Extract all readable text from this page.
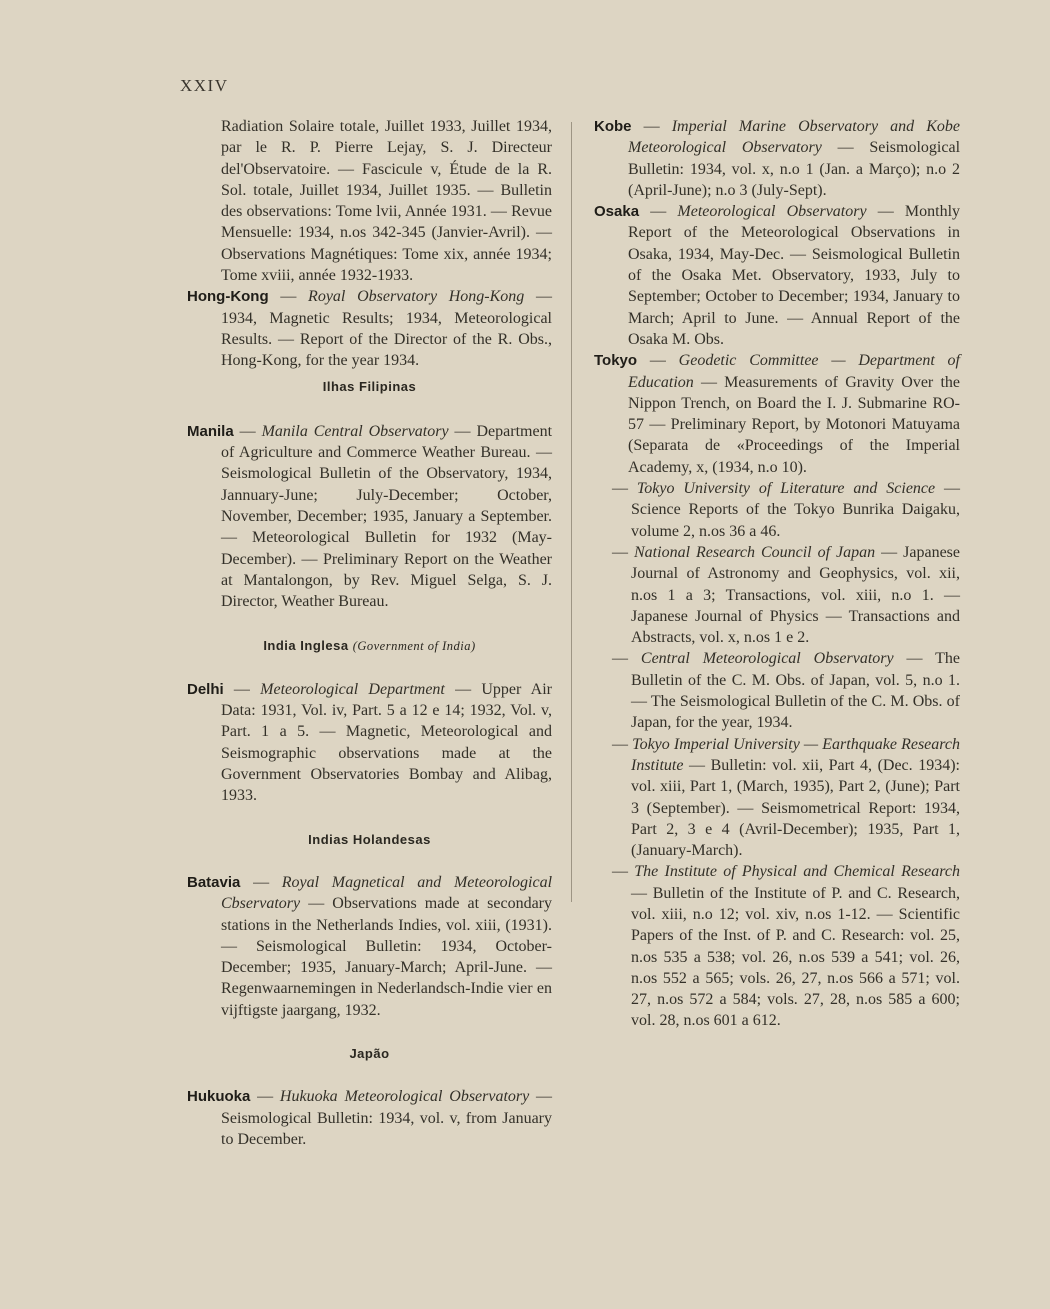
XXIV

Radiation Solaire totale, Juillet 1933, Juillet 1934, par le R. P. Pierre Lejay, S. J. Directeur del'Observatoire. — Fascicule v, Étude de la R. Sol. totale, Juillet 1934, Juillet 1935. — Bulletin des observations: Tome lvii, Année 1931. — Revue Mensuelle: 1934, n.os 342-345 (Janvier-Avril). — Observations Magnétiques: Tome xix, année 1934; Tome xviii, année 1932-1933.

Hong-Kong — Royal Observatory Hong-Kong — 1934, Magnetic Results; 1934, Meteorological Results. — Report of the Director of the R. Obs., Hong-Kong, for the year 1934.

Ilhas Filipinas

Manila — Manila Central Observatory — Department of Agriculture and Commerce Weather Bureau. — Seismological Bulletin of the Observatory, 1934, Jannuary-June; July-December; October, November, December; 1935, January a September. — Meteorological Bulletin for 1932 (May-December). — Preliminary Report on the Weather at Mantalongon, by Rev. Miguel Selga, S. J. Director, Weather Bureau.

India Inglesa (Government of India)

Delhi — Meteorological Department — Upper Air Data: 1931, Vol. iv, Part. 5 a 12 e 14; 1932, Vol. v, Part. 1 a 5. — Magnetic, Meteorological and Seismographic observations made at the Government Observatories Bombay and Alibag, 1933.

Indias Holandesas

Batavia — Royal Magnetical and Meteorological Cbservatory — Observations made at secondary stations in the Netherlands Indies, vol. xiii, (1931). — Seismological Bulletin: 1934, October-December; 1935, January-March; April-June. — Regenwaarnemingen in Nederlandsch-Indie vier en vijftigste jaargang, 1932.

Japão

Hukuoka — Hukuoka Meteorological Observatory — Seismological Bulletin: 1934, vol. v, from January to December.

Kobe — Imperial Marine Observatory and Kobe Meteorological Observatory — Seismological Bulletin: 1934, vol. x, n.o 1 (Jan. a Março); n.o 2 (April-June); n.o 3 (July-Sept).

Osaka — Meteorological Observatory — Monthly Report of the Meteorological Observations in Osaka, 1934, May-Dec. — Seismological Bulletin of the Osaka Met. Observatory, 1933, July to September; October to December; 1934, January to March; April to June. — Annual Report of the Osaka M. Obs.

Tokyo — Geodetic Committee — Department of Education — Measurements of Gravity Over the Nippon Trench, on Board the I. J. Submarine RO-57 — Preliminary Report, by Motonori Matuyama (Separata de «Proceedings of the Imperial Academy, x, (1934, n.o 10).

— Tokyo University of Literature and Science — Science Reports of the Tokyo Bunrika Daigaku, volume 2, n.os 36 a 46.

— National Research Council of Japan — Japanese Journal of Astronomy and Geophysics, vol. xii, n.os 1 a 3; Transactions, vol. xiii, n.o 1. — Japanese Journal of Physics — Transactions and Abstracts, vol. x, n.os 1 e 2.

— Central Meteorological Observatory — The Bulletin of the C. M. Obs. of Japan, vol. 5, n.o 1. — The Seismological Bulletin of the C. M. Obs. of Japan, for the year, 1934.

— Tokyo Imperial University — Earthquake Research Institute — Bulletin: vol. xii, Part 4, (Dec. 1934): vol. xiii, Part 1, (March, 1935), Part 2, (June); Part 3 (September). — Seismometrical Report: 1934, Part 2, 3 e 4 (Avril-December); 1935, Part 1, (January-March).

— The Institute of Physical and Chemical Research — Bulletin of the Institute of P. and C. Research, vol. xiii, n.o 12; vol. xiv, n.os 1-12. — Scientific Papers of the Inst. of P. and C. Research: vol. 25, n.os 535 a 538; vol. 26, n.os 539 a 541; vol. 26, n.os 552 a 565; vols. 26, 27, n.os 566 a 571; vol. 27, n.os 572 a 584; vols. 27, 28, n.os 585 a 600; vol. 28, n.os 601 a 612.
